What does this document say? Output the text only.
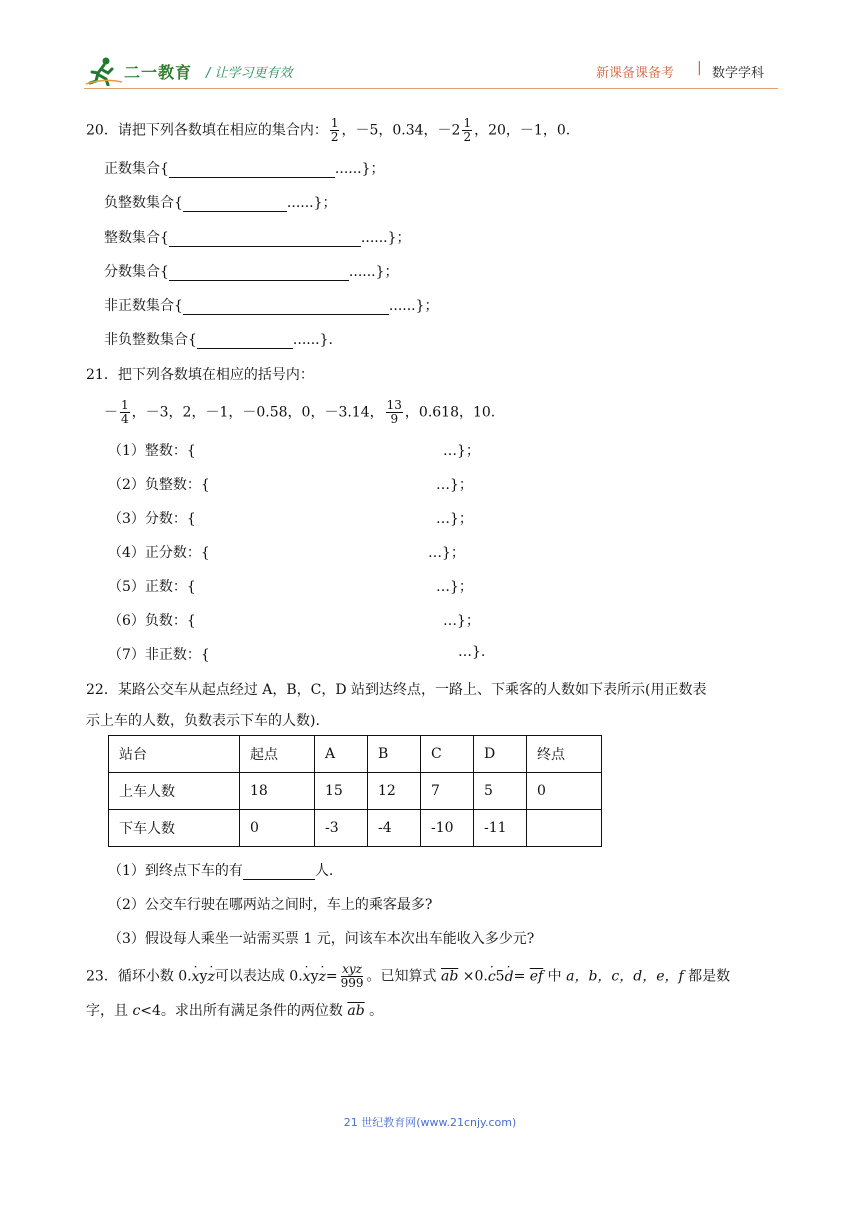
二一教育 / 让学习更有效	新课备课备考 | 数学学科
20．请把下列各数填在相应的集合内： $\frac{1}{2}$ ，－5，0.34，$-2 \frac{1}{2}$ ，20，－1，0.
正数集合{	......}；
负整数集合{	......}；
整数集合{	......}；
分数集合{	......}；
非正数集合{	......}；
非负整数集合{	......}.
21．把下列各数填在相应的括号内：
－ $\frac{1}{4}$ ，－3，2，－1，－0.58，0，－3.14， $\frac{13}{9}$ ，0.618，10.
（1）整数：{	…}；
（2）负整数：{	…}；
（3）分数：{	…}；
（4）正分数：{	…}；
（5）正数：{	…}；
（6）负数：{	…}；
（7）非正数：{	…}.
22．某路公交车从起点经过 A，B，C，D 站到达终点，一路上、下乘客的人数如下表所示(用正数表
示上车的人数，负数表示下车的人数).
站台	起点	A	B	C	D	终点
上车人数	18	15	12	7	5	0
下车人数	0	-3	-4	-10	-11	
（1）到终点下车的有	人.
（2）公交车行驶在哪两站之间时，车上的乘客最多?
（3）假设每人乘坐一站需买票 1 元，问该车本次出车能收入多少元?
23．循环小数 0.x ·yz ·可以表达成 $0.x \cdot yz \cdot= \frac{\text{xyz}}{999}$ 。已知算式 $\overline{ab} \times 0.c \cdot 5d \cdot= \overline{ef}$ 中 a，b，c，d，e，f 都是数
字，且 c<4。求出所有满足条件的两位数 $\overline{ab}$ 。
21 世纪教育网(www.21cnjy.com)
